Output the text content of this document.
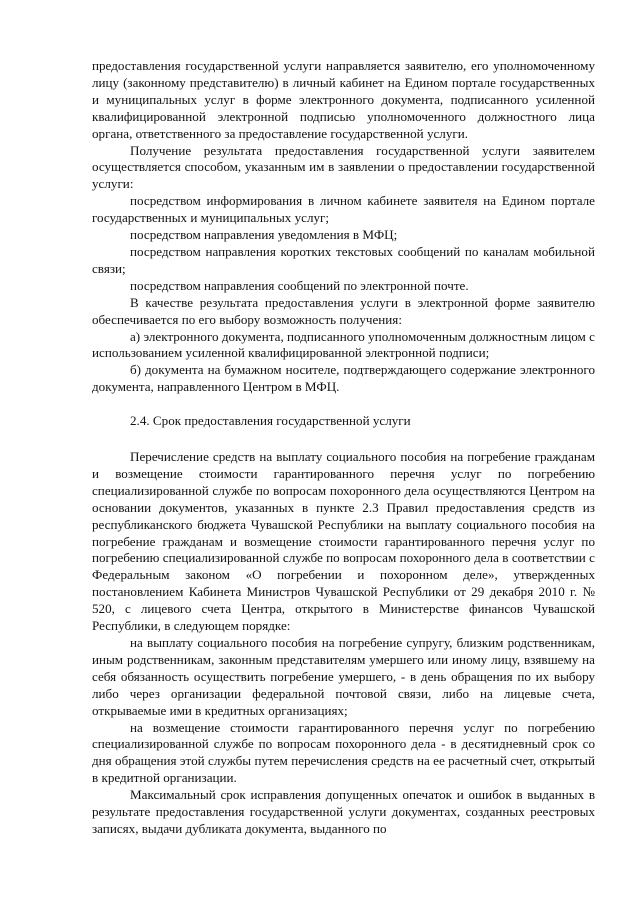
предоставления государственной услуги направляется заявителю, его уполномоченному лицу (законному представителю) в личный кабинет на Едином портале государственных и муниципальных услуг в форме электронного документа, подписанного усиленной квалифицированной электронной подписью уполномоченного должностного лица органа, ответственного за предоставление государственной услуги.

Получение результата предоставления государственной услуги заявителем осуществляется способом, указанным им в заявлении о предоставлении государственной услуги:

посредством информирования в личном кабинете заявителя на Едином портале государственных и муниципальных услуг;

посредством направления уведомления в МФЦ;

посредством направления коротких текстовых сообщений по каналам мобильной связи;

посредством направления сообщений по электронной почте.

В качестве результата предоставления услуги в электронной форме заявителю обеспечивается по его выбору возможность получения:

а) электронного документа, подписанного уполномоченным должностным лицом с использованием усиленной квалифицированной электронной подписи;

б) документа на бумажном носителе, подтверждающего содержание электронного документа, направленного Центром в МФЦ.

2.4. Срок предоставления государственной услуги

Перечисление средств на выплату социального пособия на погребение гражданам и возмещение стоимости гарантированного перечня услуг по погребению специализированной службе по вопросам похоронного дела осуществляются Центром на основании документов, указанных в пункте 2.3 Правил предоставления средств из республиканского бюджета Чувашской Республики на выплату социального пособия на погребение гражданам и возмещение стоимости гарантированного перечня услуг по погребению специализированной службе по вопросам похоронного дела в соответствии с Федеральным законом «О погребении и похоронном деле», утвержденных постановлением Кабинета Министров Чувашской Республики от 29 декабря 2010 г. № 520, с лицевого счета Центра, открытого в Министерстве финансов Чувашской Республики, в следующем порядке:

на выплату социального пособия на погребение супругу, близким родственникам, иным родственникам, законным представителям умершего или иному лицу, взявшему на себя обязанность осуществить погребение умершего, - в день обращения по их выбору либо через организации федеральной почтовой связи, либо на лицевые счета, открываемые ими в кредитных организациях;

на возмещение стоимости гарантированного перечня услуг по погребению специализированной службе по вопросам похоронного дела - в десятидневный срок со дня обращения этой службы путем перечисления средств на ее расчетный счет, открытый в кредитной организации.

Максимальный срок исправления допущенных опечаток и ошибок в выданных в результате предоставления государственной услуги документах, созданных реестровых записях, выдачи дубликата документа, выданного по
